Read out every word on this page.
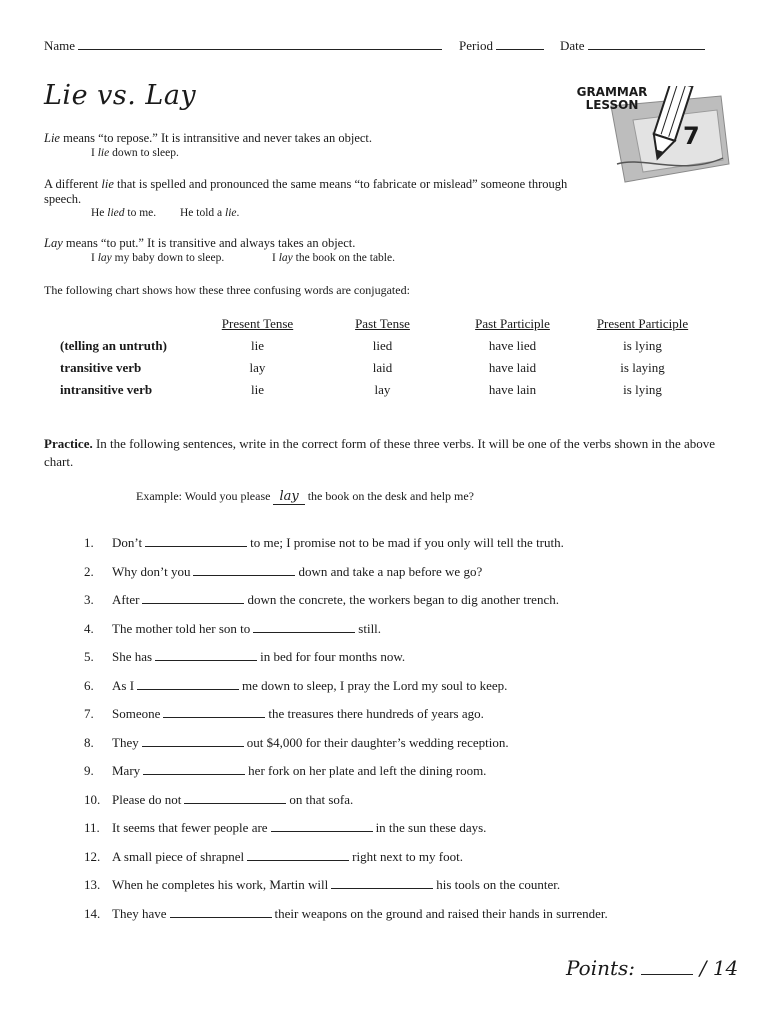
Name	Period	Date
Lie vs. Lay	GRAMMAR
LESSON
7
Lie means “to repose.” It is intransitive and never takes an object.
I lie down to sleep.
A different lie that is spelled and pronounced the same means “to fabricate or mislead” someone through speech.
He lied to me. He told a lie.
Lay means “to put.” It is transitive and always takes an object.
I lay my baby down to sleep.	I lay the book on the table.
The following chart shows how these three confusing words are conjugated:
	Present Tense	Past Tense	Past Participle	Present Participle
(telling an untruth)	lie	lied	have lied	is lying
transitive verb	lay	laid	have laid	is laying
intransitive verb	lie	lay	have lain	is lying
Practice. In the following sentences, write in the correct form of these three verbs. It will be one of the verbs shown in the above chart.
Example: Would you please lay the book on the desk and help me?
1. Don’t	to me; I promise not to be mad if you only will tell the truth.
2. Why don’t you	down and take a nap before we go?
3. After	down the concrete, the workers began to dig another trench.
4. The mother told her son to	still.
5. She has	in bed for four months now.
6. As I	me down to sleep, I pray the Lord my soul to keep.
7. Someone	the treasures there hundreds of years ago.
8. They	out $4,000 for their daughter’s wedding reception.
9. Mary	her fork on her plate and left the dining room.
10. Please do not	on that sofa.
11. It seems that fewer people are	in the sun these days.
12. A small piece of shrapnel	right next to my foot.
13. When he completes his work, Martin will	his tools on the counter.
14. They have	their weapons on the ground and raised their hands in surrender.
Points:	/ 14
